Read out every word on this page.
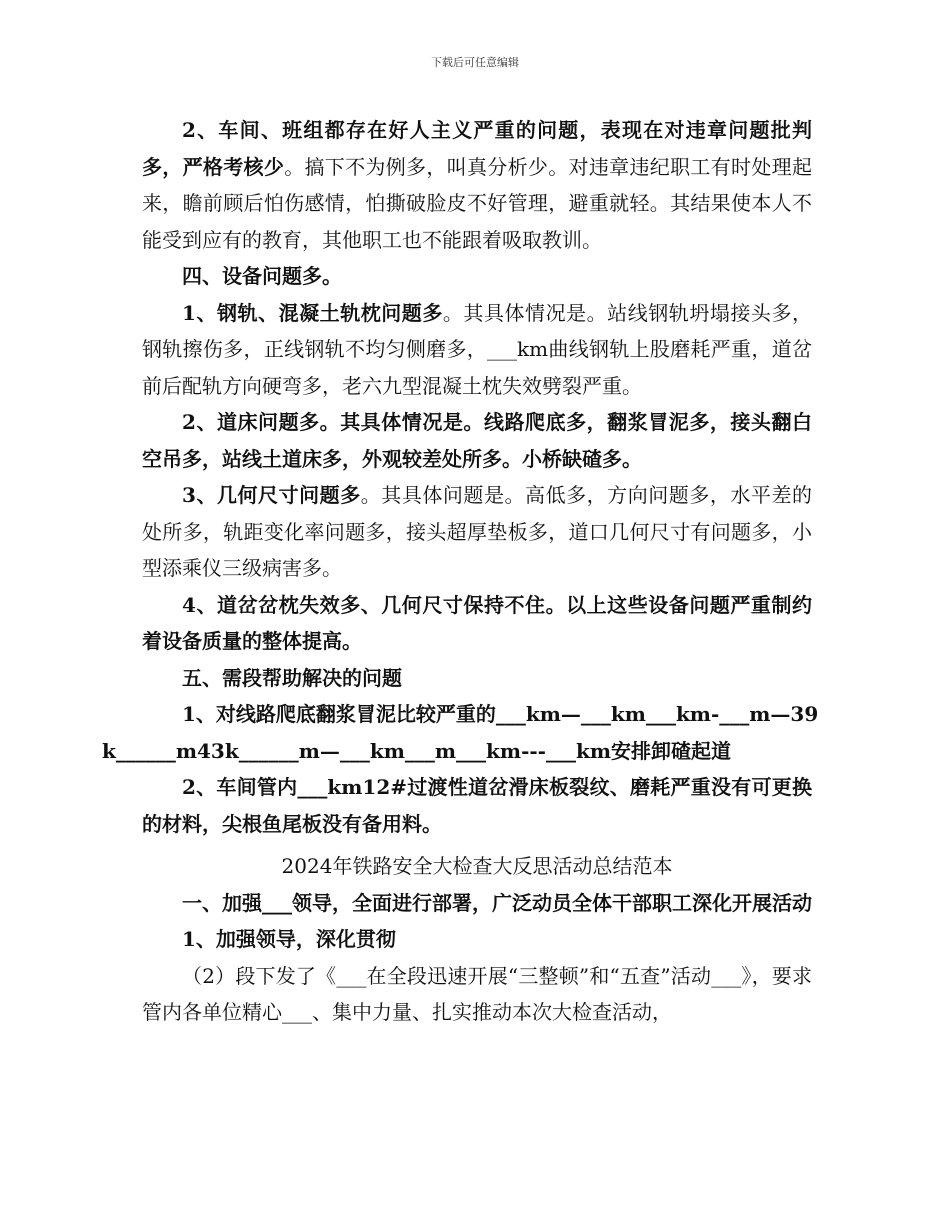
下载后可任意编辑

2、车间、班组都存在好人主义严重的问题，表现在对违章问题批判多，严格考核少。搞下不为例多，叫真分析少。对违章违纪职工有时处理起来，瞻前顾后怕伤感情，怕撕破脸皮不好管理，避重就轻。其结果使本人不能受到应有的教育，其他职工也不能跟着吸取教训。

四、设备问题多。

1、钢轨、混凝土轨枕问题多。其具体情况是。站线钢轨坍塌接头多，钢轨擦伤多，正线钢轨不均匀侧磨多，___km曲线钢轨上股磨耗严重，道岔前后配轨方向硬弯多，老六九型混凝土枕失效劈裂严重。

2、道床问题多。其具体情况是。线路爬底多，翻浆冒泥多，接头翻白空吊多，站线土道床多，外观较差处所多。小桥缺碴多。

3、几何尺寸问题多。其具体问题是。高低多，方向问题多，水平差的处所多，轨距变化率问题多，接头超厚垫板多，道口几何尺寸有问题多，小型添乘仪三级病害多。

4、道岔岔枕失效多、几何尺寸保持不住。以上这些设备问题严重制约着设备质量的整体提高。

五、需段帮助解决的问题

1、对线路爬底翻浆冒泥比较严重的___km—___km___km-___m—39
k______m43k______m—___km___m___km---___km安排卸碴起道

2、车间管内___km12#过渡性道岔滑床板裂纹、磨耗严重没有可更换的材料，尖根鱼尾板没有备用料。

2024年铁路安全大检查大反思活动总结范本

一、加强___领导，全面进行部署，广泛动员全体干部职工深化开展活动

1、加强领导，深化贯彻

（2）段下发了《___在全段迅速开展“三整顿”和“五查”活动___》，要求管内各单位精心___、集中力量、扎实推动本次大检查活动，
